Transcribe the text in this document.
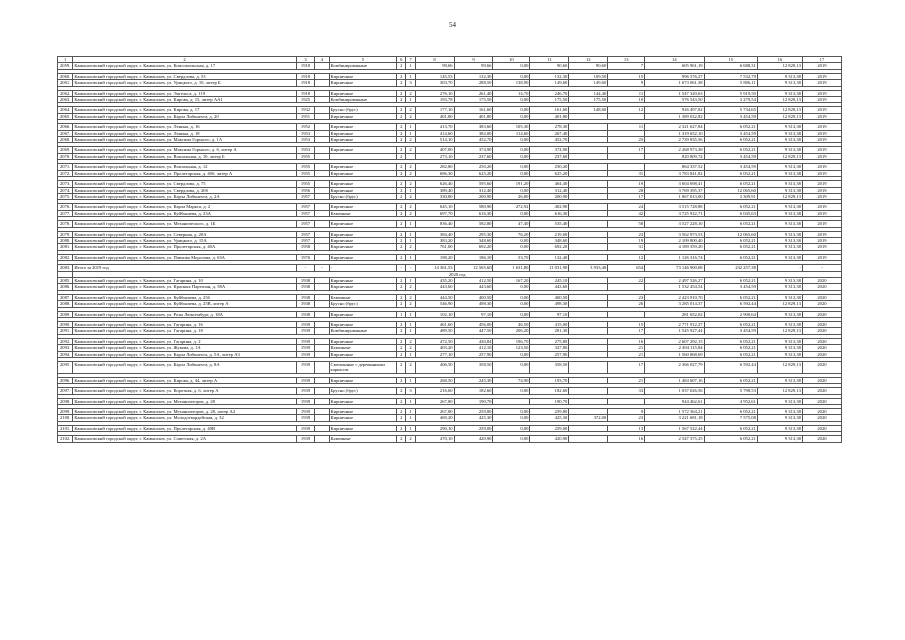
54
1	2	3	4	5	6	7	8	9	10	11	12	13	14	15	16	17
2059.	Камышловский городской округ, г. Камышлов, ул. Комсомольская, д. 17	1918		Комбинированные	2	1	99,66	99,66	0,00	90,60	90,60	7	605 961,19	6 688,31	12 829,13	2019

2060.	Камышловский городской округ, г. Камышлов, ул. Свердлова, д. 53	1918		Кирпичные	2	1	145,53	132,30	0,00	132,30	109,50	15	996 576,27	7 532,79	9 313,38	2019
2061.	Камышловский городской округ, г. Камышлов, ул. Урицкого, д. 10, литер Б	1918		Кирпичные	2	3	303,70	288,50	138,90	149,60	149,60	9	1 673 061,38	5 806,11	9 313,38	2019

2062.	Камышловский городской округ, г. Камышлов, ул. Энгельса, д. 119	1918		Кирпичные	2	2	276,10	261,40	14,70	246,70	144,40	11	1 547 320,63	5 919,50	9 313,38	2019
2063.	Камышловский городской округ, г. Камышлов, ул. Кирова, д. 15, литер АА1	1925		Комбинированные	2	1	193,78	175,50	0,00	175,50	175,50	10	576 543,50	3 279,54	12 829,13	2019

2064.	Камышловский городской округ, г. Камышлов, ул. Кирова, д. 17	1932		Брусно (брус)	2	2	177,10	161,60	0,00	161,60	148,60	12	926 497,82	5 734,65	12 829,13	2019
2065.	Камышловский городской округ, г. Камышлов, ул. Карла Либкнехта, д. 20	1951		Кирпичные	2	2	401,80	401,80	0,00	401,80			1 389 032,82	3 454,59	12 829,13	2019

2066.	Камышловский городской округ, г. Камышлов, ул. Ленина, д. 16	1952		Кирпичные	2	1	413,70	383,60	105,30	278,30		11	2 321 627,84	6 052,21	9 313,38	2019
2067.	Камышловский городской округ, г. Камышлов, ул. Ленина, д. 18	1953		Кирпичные	2	1	414,60	382,00	114,60	267,40			1 319 652,10	3 454,59	9 313,38	2019
2068.	Камышловский городской округ, г. Камышлов, ул. Максима Горького, д. 1А	1953		Кирпичные	2	2	514,10	452,70	0,00	452,70		25	2 739 835,56	6 052,21	9 313,38	2019

2069.	Камышловский городской округ, г. Камышлов, ул. Максима Горького, д. 6, литер А	1953		Кирпичные	2	2	407,00	374,90	0,00	374,90		17	2 268 973,38	6 052,21	9 313,38	2019
2070.	Камышловский городской округ, г. Камышлов, ул. Вокзальная, д. 10, литер Б	1955			2		273,10	237,60	0,00	237,60			820 809,74	3 454,59	12 829,13	2019

2071.	Камышловский городской округ, г. Камышлов, ул. Вокзальная, д. 12	1955		Кирпичные	2	2	282,80	250,20	0,00	250,20			864 337,52	3 454,59	9 313,38	2019
2072.	Камышловский городской округ, г. Камышлов, ул. Пролетарская, д. 40б, литер А	1955		Кирпичные	2	2	686,30	625,20	0,00	625,20		31	3 783 841,82	6 052,21	9 313,38	2019

2073.	Камышловский городской округ, г. Камышлов, ул. Свердлова, д. 75	1955		Кирпичные	2	2	626,40	595,60	191,20	404,40		19	3 604 698,41	6 052,21	9 313,38	2019
2074.	Камышловский городской округ, г. Камышлов, ул. Свердлова, д. 20б	1956		Кирпичные	2	1	389,40	312,40	0,00	312,40		28	3 769 395,37	12 065,60	9 313,38	2019
2075.	Камышловский городской округ, г. Камышлов, ул. Карла Либкнехта, д. 2А	1957		Брусно (брус)	2	2	330,80	200,90	26,80	200,90		17	1 067 013,00	3 309,91	12 829,13	2019

2076.	Камышловский городской округ, г. Камышлов, ул. Карла Маркса, д. 2	1957		Кирпичные	2	2	645,10	580,90	272,92	402,90		24	3 515 728,88	6 052,21	9 313,38	2019
2077.	Камышловский городской округ, г. Камышлов, ул. Куйбышева, д. 23А	1957		Каменные	2	2	697,70	616,30	0,00	616,30		42	3 725 922,71	6 045,63	9 313,38	2019

2078.	Камышловский городской округ, г. Камышлов, ул. Механического, д. 1Б	1957		Кирпичные	2	1	836,40	582,80	47,40	535,40		58	3 527 228,10	6 052,21	9 313,38	2019

2079.	Камышловский городской округ, г. Камышлов, ул. Северная, д. 20А	1957		Кирпичные	2	1	384,40	295,30	76,20	219,00		23	3 562 973,53	12 065,60	9 313,38	2019
2080.	Камышловский городской округ, г. Камышлов, ул. Урицкого, д. 15А	1957		Кирпичные	2	1	383,20	348,60	0,00	348,60		19	2 109 800,40	6 052,21	9 313,38	2019
2081.	Камышловский городской округ, г. Камышлов, ул. Пролетарская, д. 40А	1958		Кирпичные	2	2	761,00	692,20	0,00	692,20		31	4 189 359,20	6 052,21	9 313,38	2019

2082.	Камышловский городской округ, г. Камышлов, ул. Павлика Морозова, д. 63А	1976		Кирпичные	2	1	198,20	186,10	53,70	132,40		12	1 126 316,74	6 052,21	9 313,38	2019

2083.	Итого за 2019 год	-	-	-	-	-	14 361,53	12 565,60	1 631,80	11 031,90	3 933,40	654	73 146 900,08	232 257,38	-	-
	2020 год															
2085.	Камышловский городской округ, г. Камышлов, ул. Гагарина, д. 10	1938		Кирпичные	2	1	435,20	412,50	167,20	245,10		22	2 497 526,27	6 052,21	9 313,38	2020
2086.	Камышловский городской округ, г. Камышлов, ул. Красных Партизан, д. 58А	1938		Кирпичные	2	2	443,60	443,60	0,00	443,60			1 532 454,54	3 454,59	9 313,38	2020

2087.	Камышловский городской округ, г. Камышлов, ул. Куйбышева, д. 25б	1938		Каменные	2	2	444,50	400,50	0,00	400,50		23	2 423 910,70	6 052,21	9 313,38	2020
2088.	Камышловский городской округ, г. Камышлов, ул. Куйбышева, д. 25В, литер А	1938		Брусно (брус)	2	2	546,90	498,30	0,00	498,30		26	3 285 014,37	6 592,44	12 829,13	2020

2089.	Камышловский городской округ, г. Камышлов, ул. Розы Люксембург, д. 18А	1938		Кирпичные	1	1	102,10	97,10	0,00	97,10			281 652,02	2 900,64	9 313,38	2020

2090.	Камышловский городской округ, г. Камышлов, ул. Гагарина, д. 16	1939		Кирпичные	2	1	461,60	456,00	46,50	415,00		15	2 771 912,27	6 052,21	9 313,38	2020
2091.	Камышловский городской округ, г. Камышлов, ул. Гагарина, д. 18	1939		Комбинированные	2	1	489,50	447,50	206,20	281,30		17	1 545 927,44	3 454,59	12 829,13	2020

2092.	Камышловский городской округ, г. Камышлов, ул. Гагарина, д. 2	1939		Кирпичные	2	2	472,50	430,84	196,70	275,80		16	2 607 292,15	6 052,21	9 313,38	2020
2093.	Камышловский городской округ, г. Камышлов, ул. Жукова, д. 1А	1939		Каменные	2	2	403,20	412,10	123,50	327,80		21	2 494 115,84	6 052,21	9 313,38	2020
2094.	Камышловский городской округ, г. Камышлов, ул. Карла Либкнехта, д. 5А, литер А3	1939		Кирпичные	2	1	277,10	257,90	0,00	257,90		21	1 560 868,69	6 052,21	9 313,38	2020

2095.	Камышловский городской округ, г. Камышлов, ул. Карла Либкнехта, д. 8А	1939		Смешанные с деревянными каркасом	2	2	406,50	358,50	0,00	358,50		17	2 366 027,79	6 592,44	12 829,13	2020

2096.	Камышловский городской округ, г. Камышлов, ул. Кирова, д. 44, литер А	1939		Кирпичные	2	1	268,50	245,30	74,90	193,70		21	1 484 607,16	6 052,21	9 313,38	2020

2097.	Камышловский городской округ, г. Камышлов, ул. Короткая, д. 6, литер А	1939		Брусно (брус)	2	3	216,60	182,60	0,00	182,60		33	1 037 026,56	5 798,53	12 829,13	2020

2098.	Камышловский городской округ, г. Камышлов, ул. Механизаторов, д. 28	1939		Кирпичные	2	1	267,80	190,70		190,70			944 462,61	4 952,61	9 313,38	2020

2099.	Камышловский городской округ, г. Камышлов, ул. Механизаторов, д. 28, литер А2	1939		Кирпичные	2	1	267,80	259,80	0,00	259,80		9	1 572 364,21	6 052,21	9 313,38	2020
2100.	Камышловский городской округ, г. Камышлов, ул. Молодогвардейская, д. 32	1939		Кирпичные	2	1	469,20	425,30	0,00	425,30	372,00	23	3 221 681,18	7 575,08	9 313,38	2020

2101.	Камышловский городской округ, г. Камышлов, ул. Пролетарская, д. 40В	1939		Кирпичные	2	1	290,10	259,00	0,00	259,00		13	1 567 522,44	6 052,21	9 313,38	2020

2102.	Камышловский городской округ, г. Камышлов, ул. Советская, д. 2А	1939		Каменные	2	2	470,10	420,90	0,00	420,90		16	2 547 375,25	6 052,21	9 313,38	2020
